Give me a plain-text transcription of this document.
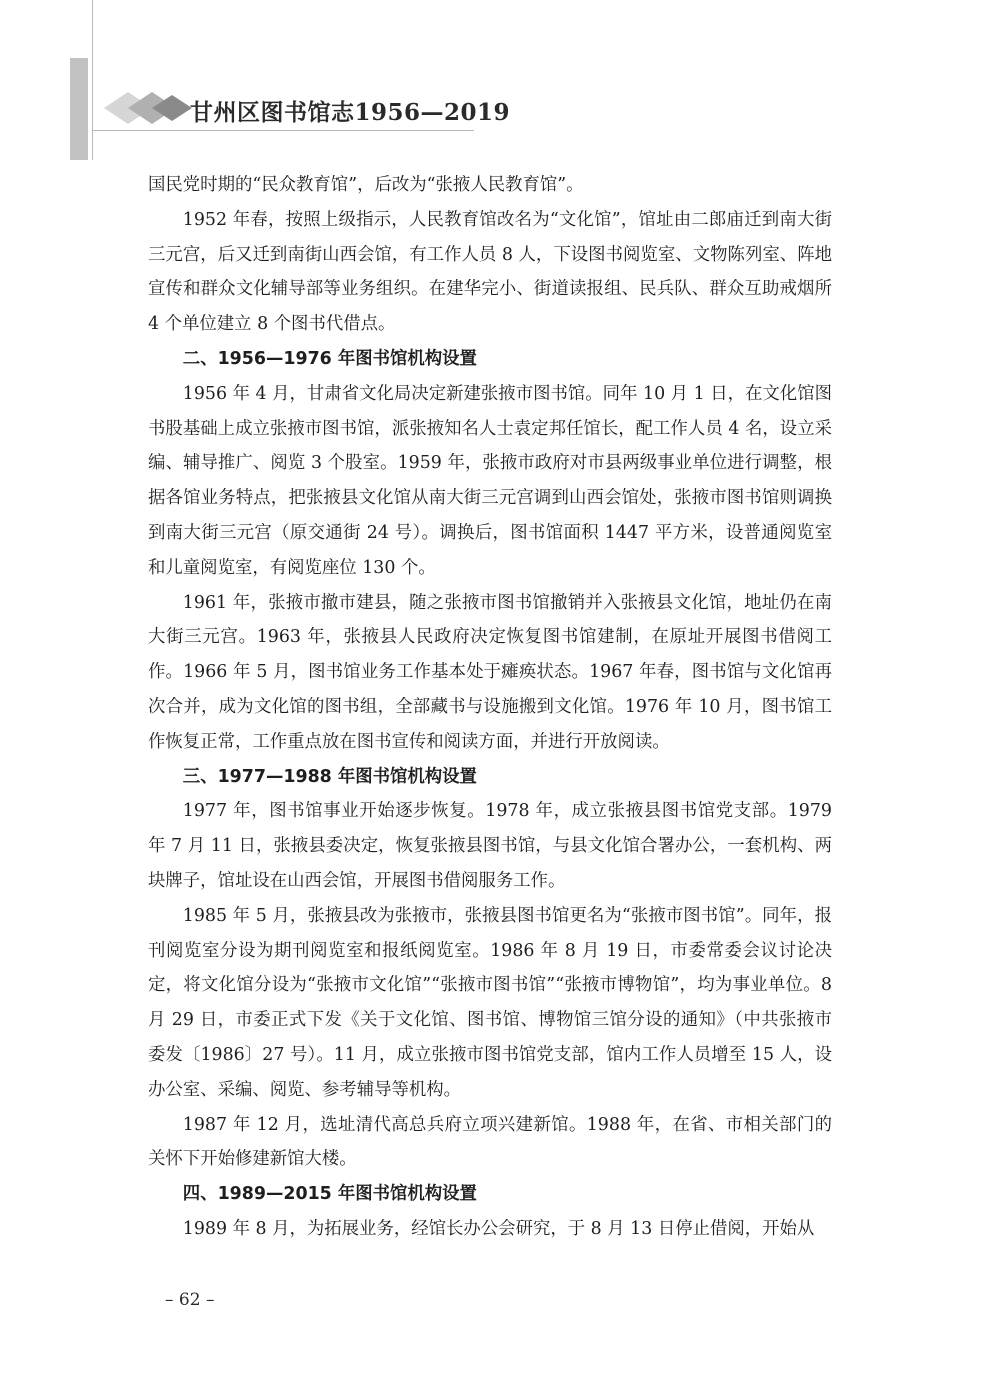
甘州区图书馆志1956—2019

国民党时期的“民众教育馆”，后改为“张掖人民教育馆”。

1952 年春，按照上级指示，人民教育馆改名为“文化馆”，馆址由二郎庙迁到南大街三元宫，后又迁到南街山西会馆，有工作人员 8 人，下设图书阅览室、文物陈列室、阵地宣传和群众文化辅导部等业务组织。在建华完小、街道读报组、民兵队、群众互助戒烟所 4 个单位建立 8 个图书代借点。

二、1956—1976 年图书馆机构设置

1956 年 4 月，甘肃省文化局决定新建张掖市图书馆。同年 10 月 1 日，在文化馆图书股基础上成立张掖市图书馆，派张掖知名人士袁定邦任馆长，配工作人员 4 名，设立采编、辅导推广、阅览 3 个股室。1959 年，张掖市政府对市县两级事业单位进行调整，根据各馆业务特点，把张掖县文化馆从南大街三元宫调到山西会馆处，张掖市图书馆则调换到南大街三元宫（原交通街 24 号）。调换后，图书馆面积 1447 平方米，设普通阅览室和儿童阅览室，有阅览座位 130 个。

1961 年，张掖市撤市建县，随之张掖市图书馆撤销并入张掖县文化馆，地址仍在南大街三元宫。1963 年，张掖县人民政府决定恢复图书馆建制，在原址开展图书借阅工作。1966 年 5 月，图书馆业务工作基本处于瘫痪状态。1967 年春，图书馆与文化馆再次合并，成为文化馆的图书组，全部藏书与设施搬到文化馆。1976 年 10 月，图书馆工作恢复正常，工作重点放在图书宣传和阅读方面，并进行开放阅读。

三、1977—1988 年图书馆机构设置

1977 年，图书馆事业开始逐步恢复。1978 年，成立张掖县图书馆党支部。1979 年 7 月 11 日，张掖县委决定，恢复张掖县图书馆，与县文化馆合署办公，一套机构、两块牌子，馆址设在山西会馆，开展图书借阅服务工作。

1985 年 5 月，张掖县改为张掖市，张掖县图书馆更名为“张掖市图书馆”。同年，报刊阅览室分设为期刊阅览室和报纸阅览室。1986 年 8 月 19 日，市委常委会议讨论决定，将文化馆分设为“张掖市文化馆”“张掖市图书馆”“张掖市博物馆”，均为事业单位。8 月 29 日，市委正式下发《关于文化馆、图书馆、博物馆三馆分设的通知》（中共张掖市委发〔1986〕27 号）。11 月，成立张掖市图书馆党支部，馆内工作人员增至 15 人，设办公室、采编、阅览、参考辅导等机构。

1987 年 12 月，选址清代高总兵府立项兴建新馆。1988 年，在省、市相关部门的关怀下开始修建新馆大楼。

四、1989—2015 年图书馆机构设置

1989 年 8 月，为拓展业务，经馆长办公会研究，于 8 月 13 日停止借阅，开始从

– 62 –
